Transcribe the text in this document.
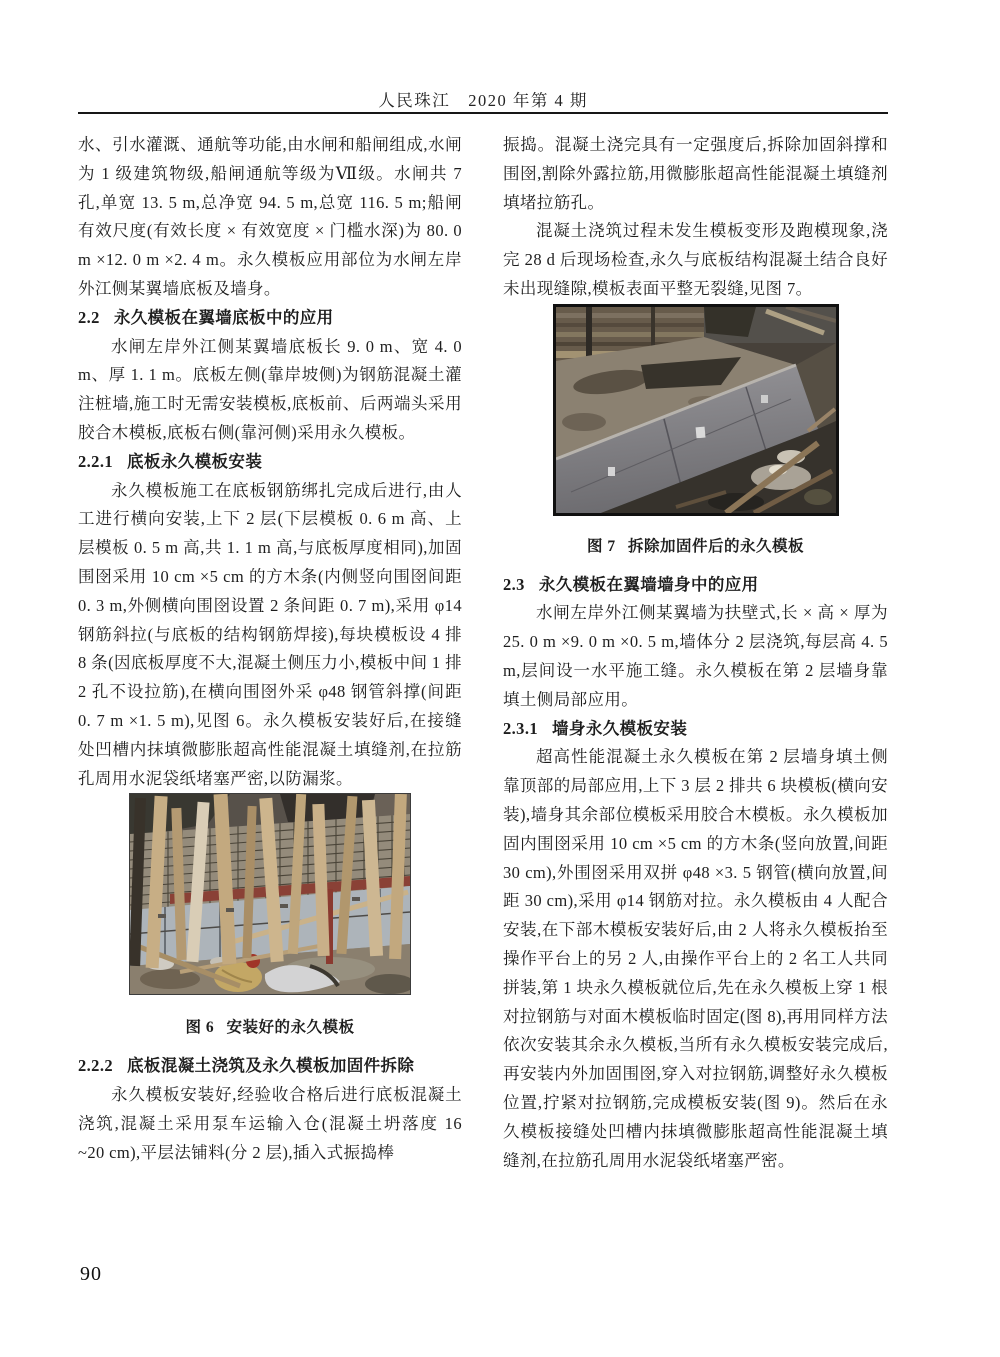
人民珠江　2020 年第 4 期

水、引水灌溉、通航等功能,由水闸和船闸组成,水闸为 1 级建筑物级,船闸通航等级为Ⅶ级。水闸共 7 孔,单宽 13. 5 m,总净宽 94. 5 m,总宽 116. 5 m;船闸有效尺度(有效长度 × 有效宽度 × 门槛水深)为 80. 0 m ×12. 0 m ×2. 4 m。永久模板应用部位为水闸左岸外江侧某翼墙底板及墙身。

2.2 永久模板在翼墙底板中的应用

水闸左岸外江侧某翼墙底板长 9. 0 m、宽 4. 0 m、厚 1. 1 m。底板左侧(靠岸坡侧)为钢筋混凝土灌注桩墙,施工时无需安装模板,底板前、后两端头采用胶合木模板,底板右侧(靠河侧)采用永久模板。

2.2.1 底板永久模板安装

永久模板施工在底板钢筋绑扎完成后进行,由人工进行横向安装,上下 2 层(下层模板 0. 6 m 高、上层模板 0. 5 m 高,共 1. 1 m 高,与底板厚度相同),加固围囹采用 10 cm ×5 cm 的方木条(内侧竖向围囹间距 0. 3 m,外侧横向围囹设置 2 条间距 0. 7 m),采用 φ14 钢筋斜拉(与底板的结构钢筋焊接),每块模板设 4 排 8 条(因底板厚度不大,混凝土侧压力小,模板中间 1 排 2 孔不设拉筋),在横向围囹外采 φ48 钢管斜撑(间距 0. 7 m ×1. 5 m),见图 6。永久模板安装好后,在接缝处凹槽内抹填微膨胀超高性能混凝土填缝剂,在拉筋孔周用水泥袋纸堵塞严密,以防漏浆。

图 6 安装好的永久模板
2.2.2 底板混凝土浇筑及永久模板加固件拆除

永久模板安装好,经验收合格后进行底板混凝土浇筑,混凝土采用泵车运输入仓(混凝土坍落度 16 ~20 cm),平层法铺料(分 2 层),插入式振捣棒

振捣。混凝土浇完具有一定强度后,拆除加固斜撑和围囹,割除外露拉筋,用微膨胀超高性能混凝土填缝剂填堵拉筋孔。

混凝土浇筑过程未发生模板变形及跑模现象,浇完 28 d 后现场检查,永久与底板结构混凝土结合良好未出现缝隙,模板表面平整无裂缝,见图 7。

图 7 拆除加固件后的永久模板
2.3 永久模板在翼墙墙身中的应用

水闸左岸外江侧某翼墙为扶壁式,长 × 高 × 厚为 25. 0 m ×9. 0 m ×0. 5 m,墙体分 2 层浇筑,每层高 4. 5 m,层间设一水平施工缝。永久模板在第 2 层墙身靠填土侧局部应用。

2.3.1 墙身永久模板安装

超高性能混凝土永久模板在第 2 层墙身填土侧靠顶部的局部应用,上下 3 层 2 排共 6 块模板(横向安装),墙身其余部位模板采用胶合木模板。永久模板加固内围囹采用 10 cm ×5 cm 的方木条(竖向放置,间距 30 cm),外围囹采用双拼 φ48 ×3. 5 钢管(横向放置,间距 30 cm),采用 φ14 钢筋对拉。永久模板由 4 人配合安装,在下部木模板安装好后,由 2 人将永久模板抬至操作平台上的另 2 人,由操作平台上的 2 名工人共同拼装,第 1 块永久模板就位后,先在永久模板上穿 1 根对拉钢筋与对面木模板临时固定(图 8),再用同样方法依次安装其余永久模板,当所有永久模板安装完成后,再安装内外加固围囹,穿入对拉钢筋,调整好永久模板位置,拧紧对拉钢筋,完成模板安装(图 9)。然后在永久模板接缝处凹槽内抹填微膨胀超高性能混凝土填缝剂,在拉筋孔周用水泥袋纸堵塞严密。

90
